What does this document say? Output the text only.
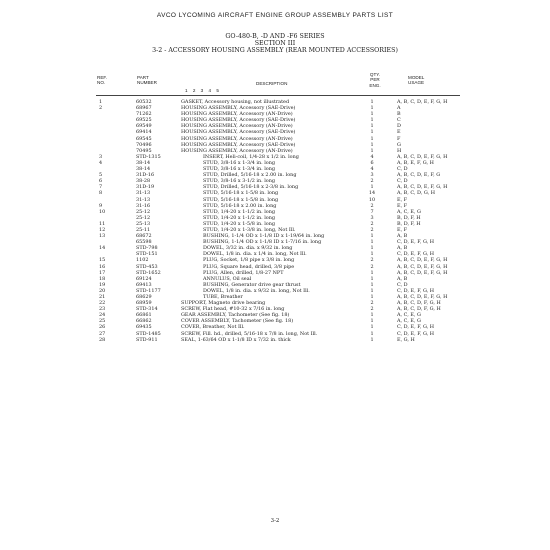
AVCO LYCOMING AIRCRAFT ENGINE GROUP ASSEMBLY PARTS LIST
GO-480-B, -D AND -F6 SERIES
SECTION III
3-2 - ACCESSORY HOUSING ASSEMBLY (REAR MOUNTED ACCESSORIES)
REF.
NO.
PART
NUMBER	DESCRIPTION
1 2 3 4 5
QTY.
PER
ENG.
MODEL
USAGE
1	60532	GASKET, Accessory housing, not illustrated	1	A, B, C, D, E, F, G, H
2	68967	HOUSING ASSEMBLY, Accessory (SAE-Drive)	1	A
71262	HOUSING ASSEMBLY, Accessory (AN-Drive)	1	B
69525	HOUSING ASSEMBLY, Accessory (SAE-Drive)	1	C
69549	HOUSING ASSEMBLY, Accessory (AN-Drive)	1	D
69414	HOUSING ASSEMBLY, Accessory (SAE-Drive)	1	E
69545	HOUSING ASSEMBLY, Accessory (AN-Drive)	1	F
70496	HOUSING ASSEMBLY, Accessory (SAE-Drive)	1	G
70495	HOUSING ASSEMBLY, Accessory (AN-Drive)	1	H
3	STD-1315	INSERT, Heli-coil, 1/4-28 x 1/2 in. long	4	A, B, C, D, E, F, G, H
4	38-14	STUD, 3/8-16 x 1-3/4 in. long	6	A, B, E, F, G, H
38-14	STUD, 3/8-16 x 1-3/4 in. long	4	C, D
5	31D-16	STUD, Drilled, 5/16-18 x 2.00 in. long	3	A, B, C, D, E, F, G
6	38-28	STUD, 3/8-16 x 3-1/2 in. long	2	C, D
7	31D-19	STUD, Drilled, 5/16-18 x 2-3/8 in. long	1	A, B, C, D, E, F, G, H
8	31-13	STUD, 5/16-18 x 1-5/8 in. long	14	A, B, C, D, G, H
31-13	STUD, 5/16-18 x 1-5/8 in. long	10	E, F
9	31-16	STUD, 5/16-18 x 2.00 in. long	2	E, F
10	25-12	STUD, 1/4-20 x 1-1/2 in. long	7	A, C, E, G
25-12	STUD, 1/4-20 x 1-1/2 in. long	3	B, D, F, H
11	25-13	STUD, 1/4-20 x 1-5/8 in. long	2	B, D, F, H
12	25-11	STUD, 1/4-20 x 1-3/8 in. long, Not Ill.	2	E, F
13	68672	BUSHING, 1-1/4 OD x 1-1/8 ID x 1-19/64 in. long	1	A, B
65598	BUSHING, 1-1/4 OD x 1-1/8 ID x 1-7/16 in. long	1	C, D, E, F, G, H
14	STD-798	DOWEL, 3/32 in. dia. x 9/32 in. long	1	A, B
STD-151	DOWEL, 1/8 in. dia. x 1/4 in. long, Not Ill.	1	C, D, E, F, G, H
15	1102	PLUG, Socket, 1/8 pipe x 3/8 in. long	2	A, B, C, D, E, F, G, H
16	STD-453	PLUG, Square head, drilled, 3/8 pipe	2	A, B, C, D, E, F, G, H
17	STD-1652	PLUG, Allen, drilled, 1/8-27 NPT	1	A, B, C, D, E, F, G, H
18	69124	ANNULUS, Oil seal	1	A, B
19	69413	BUSHING, Generator drive gear thrust	1	C, D
20	STD-1177	DOWEL, 1/8 in. dia. x 9/32 in. long, Not Ill.	1	C, D, E, F, G, H
21	68629	TUBE, Breather	1	A, B, C, D, E, F, G, H
22	68959	SUPPORT, Magneto drive bearing	2	A, B, C, D, F, G, H
23	STD-314	SCREW, Flat head, #10-32 x 7/16 in. long	2	A, B, C, D, F, G, H
24	66861	GEAR ASSEMBLY, Tachometer (See fig. 18)	1	A, C, E, G
25	66862	COVER ASSEMBLY, Tachometer (See fig. 18)	1	A, C, E, G
26	69435	COVER, Breather, Not Ill.	1	C, D, E, F, G, H
27	STD-1485	SCREW, Fill. hd., drilled, 5/16-18 x 7/8 in. long, Not Ill.	1	C, D, E, F, G, H
28	STD-911	SEAL, 1-63/64 OD x 1-1/8 ID x 7/32 in. thick	1	E, G, H
3-2
